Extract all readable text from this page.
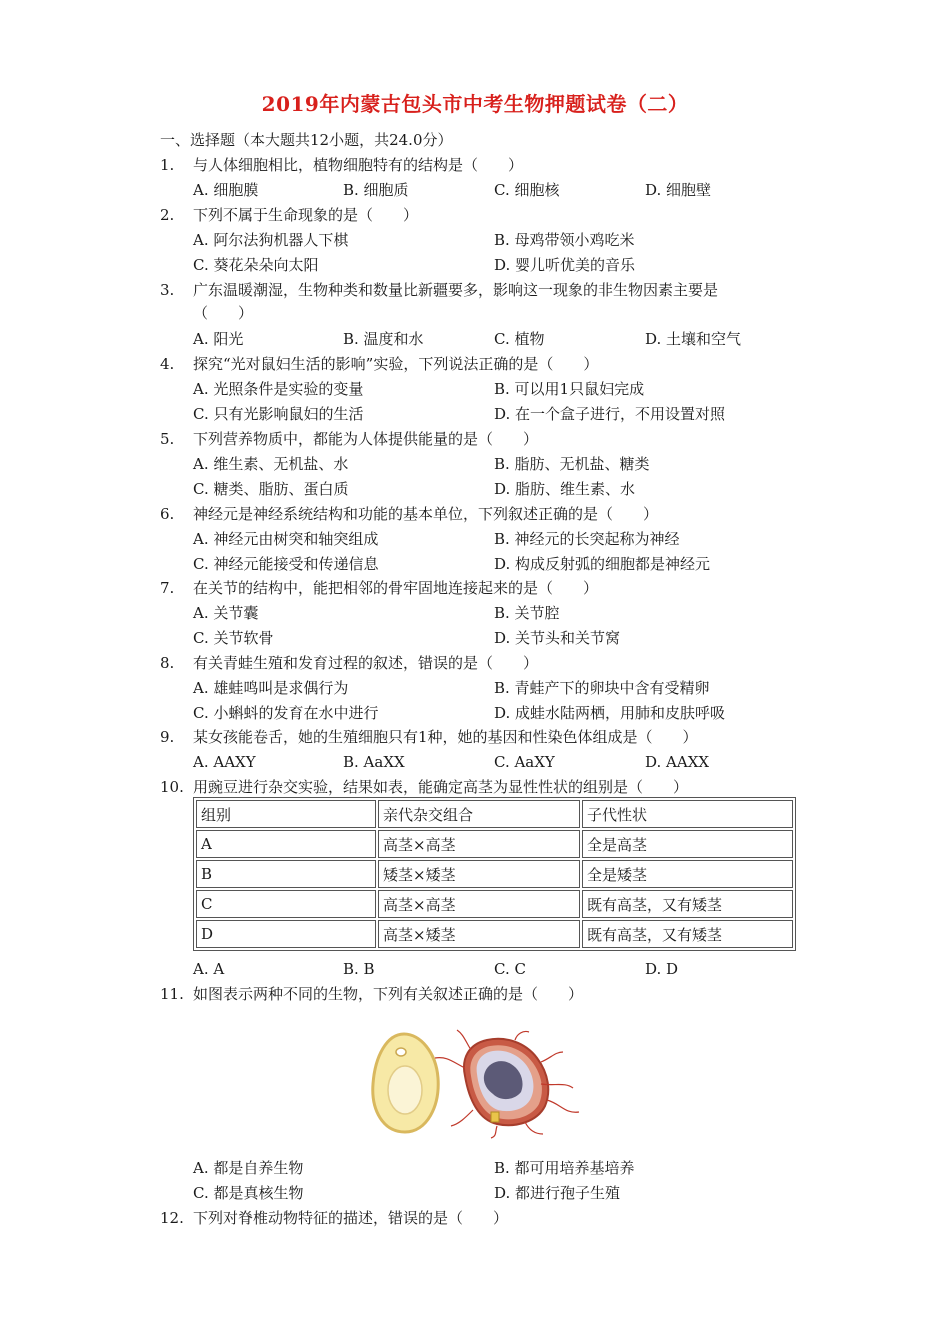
2019年内蒙古包头市中考生物押题试卷（二）
一、选择题（本大题共12小题，共24.0分）
1. 与人体细胞相比，植物细胞特有的结构是（　　）
A. 细胞膜	B. 细胞质	C. 细胞核	D. 细胞壁
2. 下列不属于生命现象的是（　　）
A. 阿尔法狗机器人下棋	B. 母鸡带领小鸡吃米
C. 葵花朵朵向太阳	D. 婴儿听优美的音乐
3. 广东温暖潮湿，生物种类和数量比新疆要多，影响这一现象的非生物因素主要是
（　　）
A. 阳光	B. 温度和水	C. 植物	D. 土壤和空气
4. 探究“光对鼠妇生活的影响”实验，下列说法正确的是（　　）
A. 光照条件是实验的变量	B. 可以用1只鼠妇完成
C. 只有光影响鼠妇的生活	D. 在一个盒子进行，不用设置对照
5. 下列营养物质中，都能为人体提供能量的是（　　）
A. 维生素、无机盐、水	B. 脂肪、无机盐、糖类
C. 糖类、脂肪、蛋白质	D. 脂肪、维生素、水
6. 神经元是神经系统结构和功能的基本单位，下列叙述正确的是（　　）
A. 神经元由树突和轴突组成	B. 神经元的长突起称为神经
C. 神经元能接受和传递信息	D. 构成反射弧的细胞都是神经元
7. 在关节的结构中，能把相邻的骨牢固地连接起来的是（　　）
A. 关节囊	B. 关节腔
C. 关节软骨	D. 关节头和关节窝
8. 有关青蛙生殖和发育过程的叙述，错误的是（　　）
A. 雄蛙鸣叫是求偶行为	B. 青蛙产下的卵块中含有受精卵
C. 小蝌蚪的发育在水中进行	D. 成蛙水陆两栖，用肺和皮肤呼吸
9. 某女孩能卷舌，她的生殖细胞只有1种，她的基因和性染色体组成是（　　）
A. AAXY	B. AaXX	C. AaXY	D. AAXX
10. 用豌豆进行杂交实验，结果如表，能确定高茎为显性性状的组别是（　　）
组别	亲代杂交组合	子代性状
A	高茎×高茎	全是高茎
B	矮茎×矮茎	全是矮茎
C	高茎×高茎	既有高茎，又有矮茎
D	高茎×矮茎	既有高茎，又有矮茎
A. A	B. B	C. C	D. D
11. 如图表示两种不同的生物，下列有关叙述正确的是（　　）
A. 都是自养生物	B. 都可用培养基培养
C. 都是真核生物	D. 都进行孢子生殖
12. 下列对脊椎动物特征的描述，错误的是（　　）
